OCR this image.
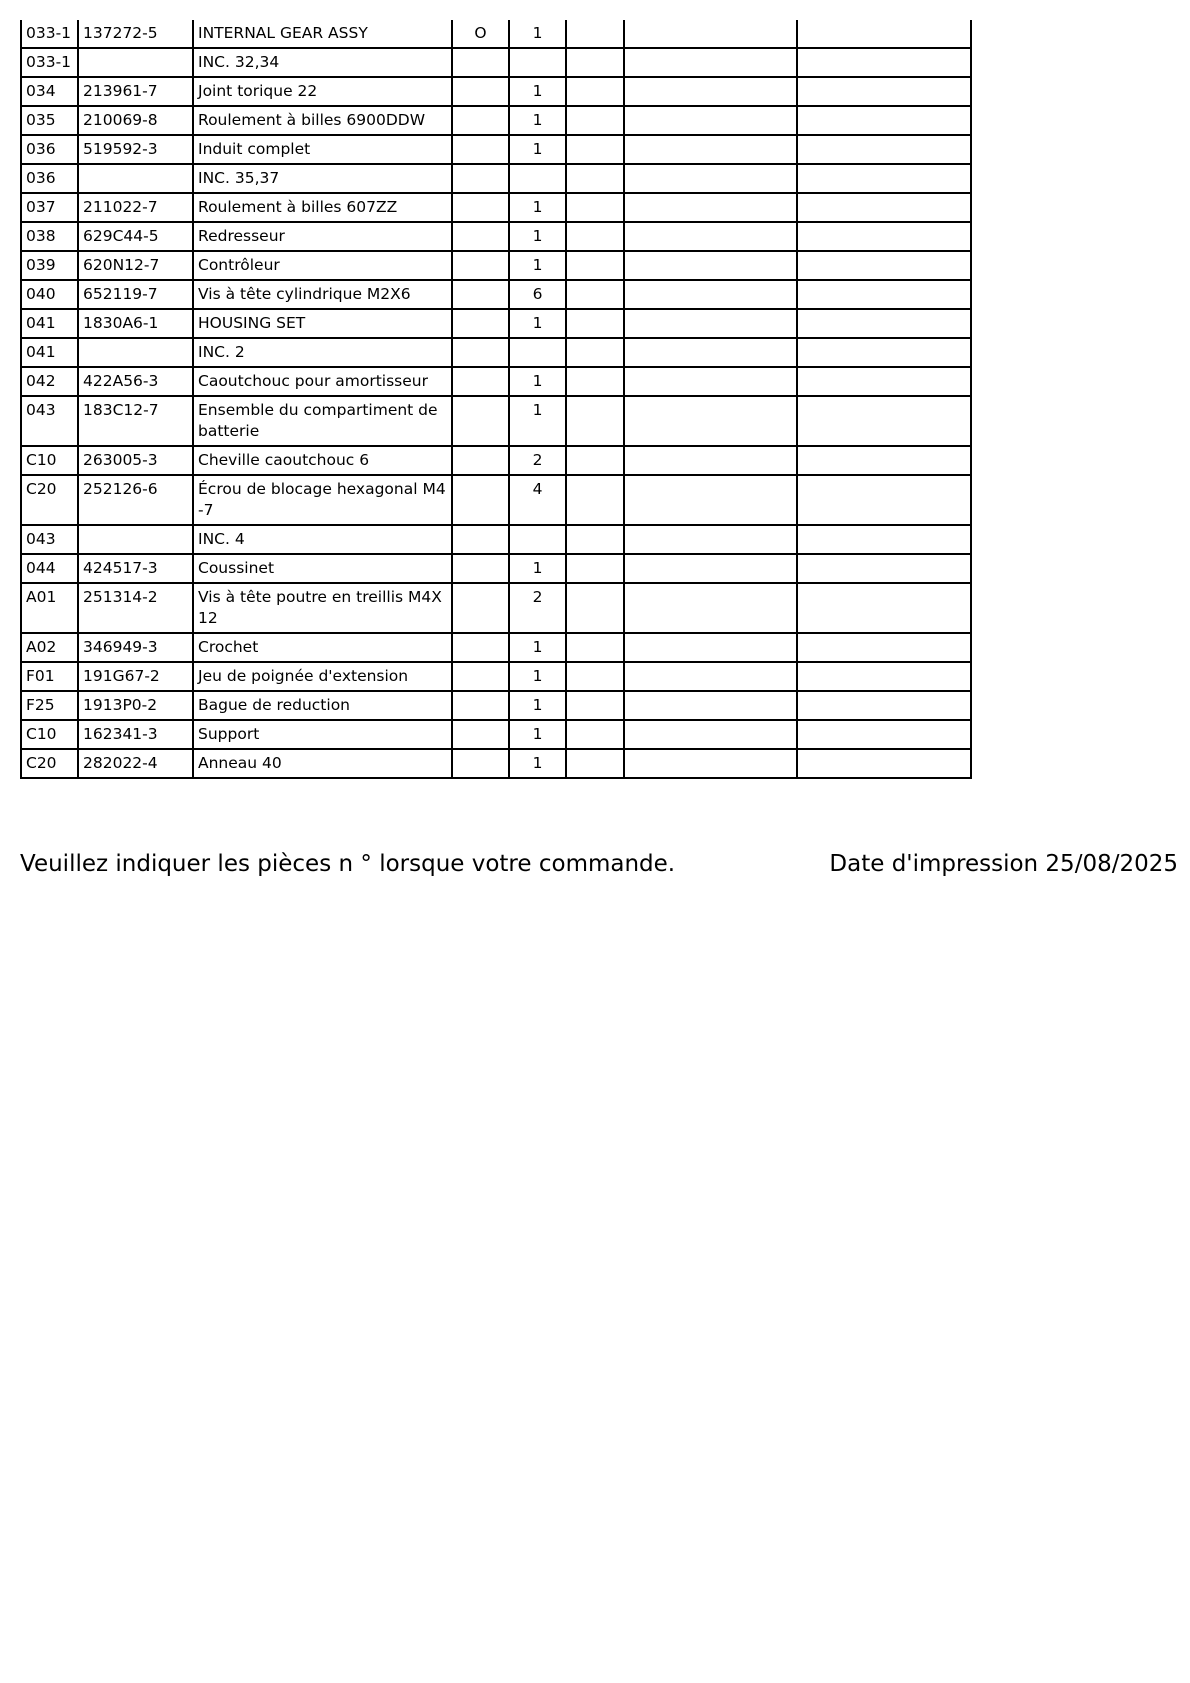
033-1	137272-5	INTERNAL GEAR ASSY	O	1			
033-1		INC. 32,34					
034	213961-7	Joint torique 22		1			
035	210069-8	Roulement à billes 6900DDW		1			
036	519592-3	Induit complet		1			
036		INC. 35,37					
037	211022-7	Roulement à billes 607ZZ		1			
038	629C44-5	Redresseur		1			
039	620N12-7	Contrôleur		1			
040	652119-7	Vis à tête cylindrique M2X6		6			
041	1830A6-1	HOUSING SET		1			
041		INC. 2					
042	422A56-3	Caoutchouc pour amortisseur		1			
043	183C12-7	Ensemble du compartiment de batterie		1			
C10	263005-3	Cheville caoutchouc 6		2			
C20	252126-6	Écrou de blocage hexagonal M4-7		4			
043		INC. 4					
044	424517-3	Coussinet		1			
A01	251314-2	Vis à tête poutre en treillis M4X12		2			
A02	346949-3	Crochet		1			
F01	191G67-2	Jeu de poignée d'extension		1			
F25	1913P0-2	Bague de reduction		1			
C10	162341-3	Support		1			
C20	282022-4	Anneau 40		1			
Veuillez indiquer les pièces n ° lorsque votre commande.	Date d'impression 25/08/2025
